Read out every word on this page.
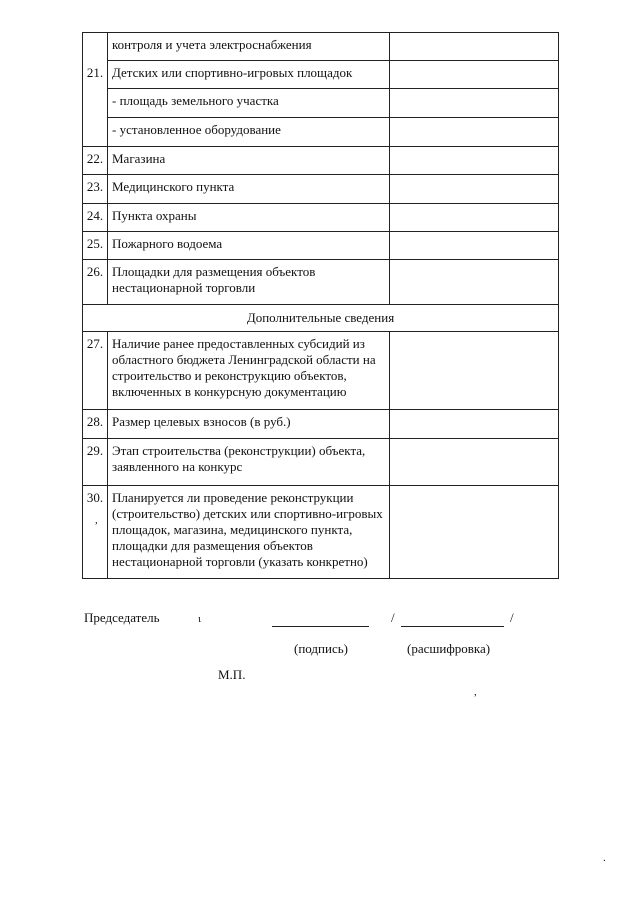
	контроля и учета электроснабжения	

21.	Детских или спортивно-игровых площадок	

	- площадь земельного участка	

	- установленное оборудование	

22.	Магазина	

23.	Медицинского пункта	

24.	Пункта охраны	

25.	Пожарного водоема	

26.	Площадки для размещения объектов нестационарной торговли	

Дополнительные сведения		

27.	Наличие ранее предоставленных субсидий из областного бюджета Ленинградской области на строительство и реконструкцию объектов, включенных в конкурсную документацию	

28.	Размер целевых взносов (в руб.)	

29.	Этап строительства (реконструкции) объекта, заявленного на конкурс	

30.	Планируется ли проведение реконструкции (строительство) детских или спортивно-игровых площадок, магазина, медицинского пункта, площадки для размещения объектов нестационарной торговли (указать конкретно)	

Председатель	ι	/	/
(подпись)	(расшифровка)
М.П.
,
,
.
